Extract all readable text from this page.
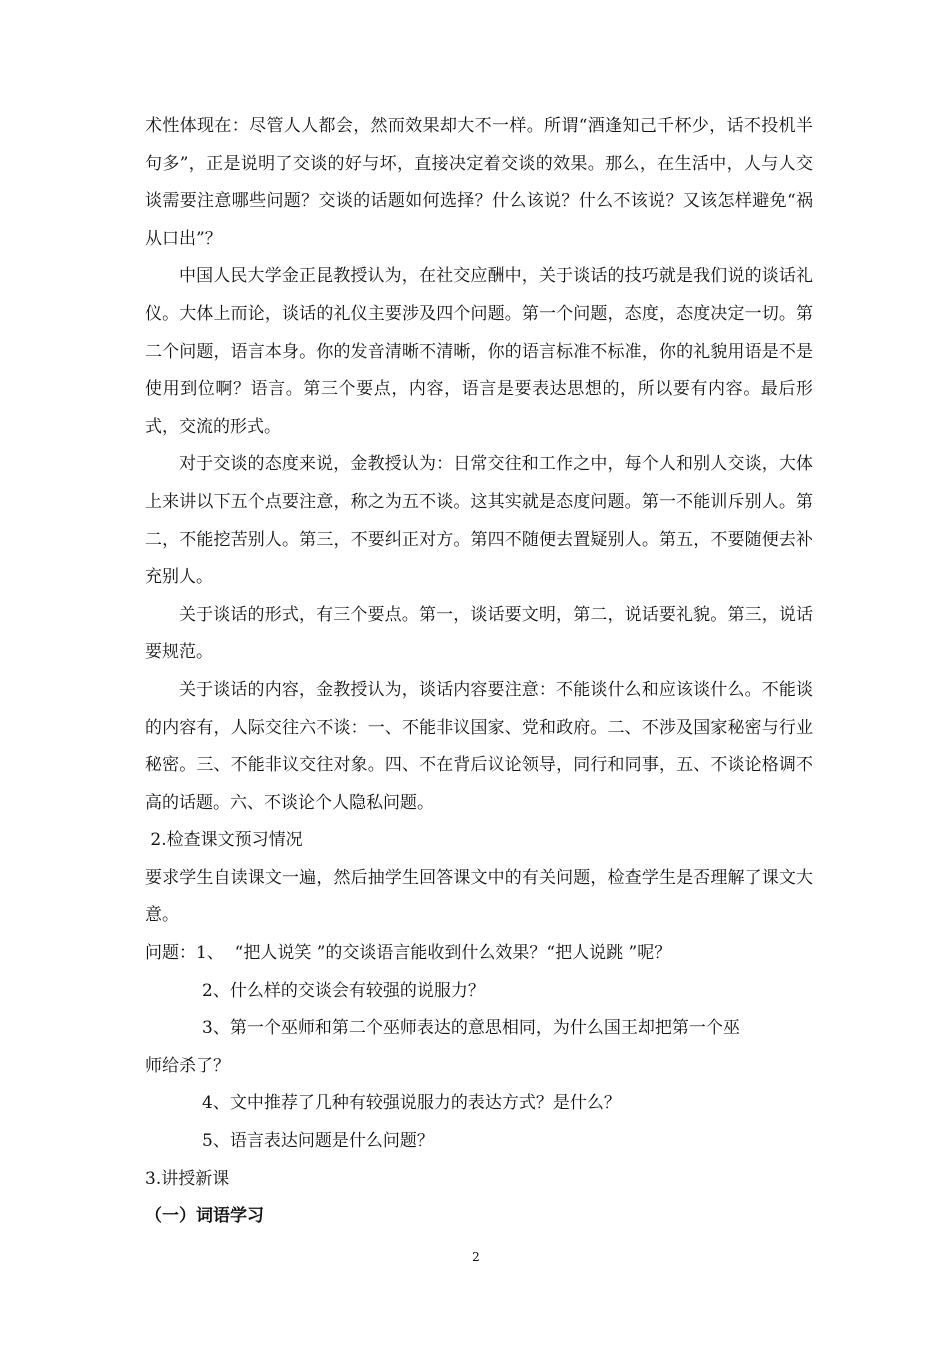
术性体现在：尽管人人都会，然而效果却大不一样。所谓“酒逢知己千杯少，话不投机半句多”，正是说明了交谈的好与坏，直接决定着交谈的效果。那么，在生活中，人与人交谈需要注意哪些问题？交谈的话题如何选择？什么该说？什么不该说？又该怎样避免“祸从口出”？

中国人民大学金正昆教授认为，在社交应酬中，关于谈话的技巧就是我们说的谈话礼仪。大体上而论，谈话的礼仪主要涉及四个问题。第一个问题，态度，态度决定一切。第二个问题，语言本身。你的发音清晰不清晰，你的语言标准不标准，你的礼貌用语是不是使用到位啊？语言。第三个要点，内容，语言是要表达思想的，所以要有内容。最后形式，交流的形式。

对于交谈的态度来说，金教授认为：日常交往和工作之中，每个人和别人交谈，大体上来讲以下五个点要注意，称之为五不谈。这其实就是态度问题。第一不能训斥别人。第二，不能挖苦别人。第三，不要纠正对方。第四不随便去置疑别人。第五，不要随便去补充别人。

关于谈话的形式，有三个要点。第一，谈话要文明，第二，说话要礼貌。第三，说话要规范。

关于谈话的内容，金教授认为，谈话内容要注意：不能谈什么和应该谈什么。不能谈的内容有，人际交往六不谈：一、不能非议国家、党和政府。二、不涉及国家秘密与行业秘密。三、不能非议交往对象。四、不在背后议论领导，同行和同事，五、不谈论格调不高的话题。六、不谈论个人隐私问题。

2.检查课文预习情况

要求学生自读课文一遍，然后抽学生回答课文中的有关问题，检查学生是否理解了课文大意。

问题：1、  “把人说笑 ”的交谈语言能收到什么效果？“把人说跳 ”呢？

2、什么样的交谈会有较强的说服力？

3、第一个巫师和第二个巫师表达的意思相同，为什么国王却把第一个巫

师给杀了？

4、文中推荐了几种有较强说服力的表达方式？是什么？

5、语言表达问题是什么问题？

3.讲授新课

（一）词语学习

2
